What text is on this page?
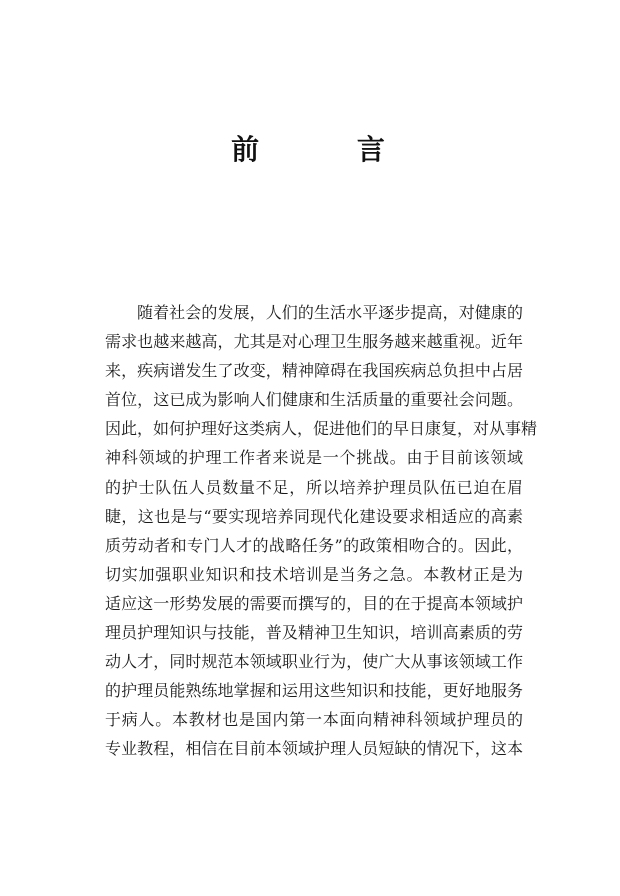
前 言
随着社会的发展，人们的生活水平逐步提高，对健康的
需求也越来越高，尤其是对心理卫生服务越来越重视。近年
来，疾病谱发生了改变，精神障碍在我国疾病总负担中占居
首位，这已成为影响人们健康和生活质量的重要社会问题。
因此，如何护理好这类病人，促进他们的早日康复，对从事精
神科领域的护理工作者来说是一个挑战。由于目前该领域
的护士队伍人员数量不足，所以培养护理员队伍已迫在眉
睫，这也是与“要实现培养同现代化建设要求相适应的高素
质劳动者和专门人才的战略任务”的政策相吻合的。因此，
切实加强职业知识和技术培训是当务之急。本教材正是为
适应这一形势发展的需要而撰写的，目的在于提高本领域护
理员护理知识与技能，普及精神卫生知识，培训高素质的劳
动人才，同时规范本领域职业行为，使广大从事该领域工作
的护理员能熟练地掌握和运用这些知识和技能，更好地服务
于病人。本教材也是国内第一本面向精神科领域护理员的
专业教程，相信在目前本领域护理人员短缺的情况下，这本
